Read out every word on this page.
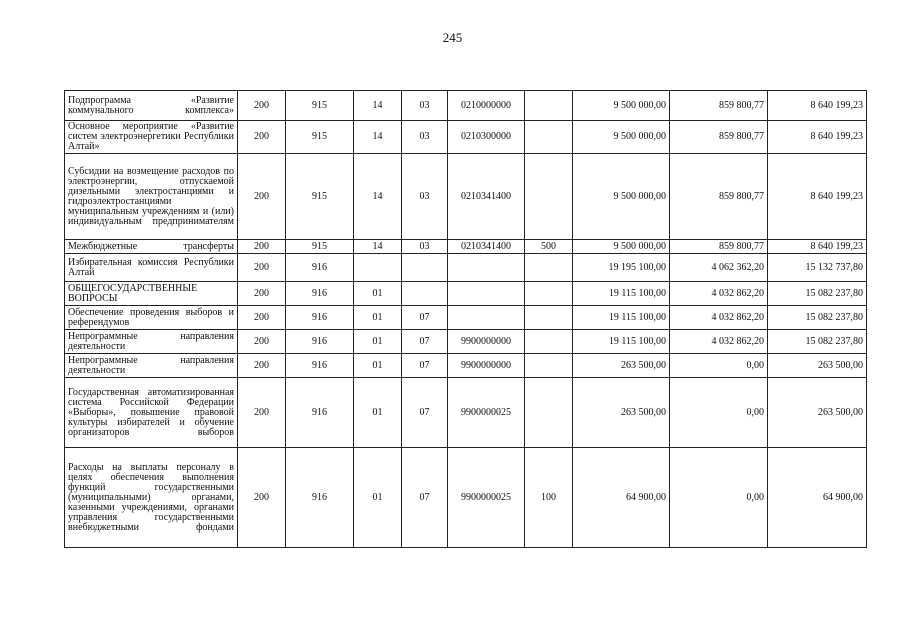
245
Подпрограмма «Развитие коммунального комплекса»	200	915	14	03	0210000000		9 500 000,00	859 800,77	8 640 199,23
Основное мероприятие «Развитие систем электроэнергетики Республики Алтай»	200	915	14	03	0210300000		9 500 000,00	859 800,77	8 640 199,23
Субсидии на возмещение расходов по электроэнергии, отпускаемой дизельными электростанциями и гидроэлектростанциями муниципальным учреждениям и (или) индивидуальным предпринимателям	200	915	14	03	0210341400		9 500 000,00	859 800,77	8 640 199,23
Межбюджетные трансферты	200	915	14	03	0210341400	500	9 500 000,00	859 800,77	8 640 199,23
Избирательная комиссия Республики Алтай	200	916					19 195 100,00	4 062 362,20	15 132 737,80
ОБЩЕГОСУДАРСТВЕННЫЕ ВОПРОСЫ	200	916	01				19 115 100,00	4 032 862,20	15 082 237,80
Обеспечение проведения выборов и референдумов	200	916	01	07			19 115 100,00	4 032 862,20	15 082 237,80
Непрограммные направления деятельности	200	916	01	07	9900000000		19 115 100,00	4 032 862,20	15 082 237,80
Непрограммные направления деятельности	200	916	01	07	9900000000		263 500,00	0,00	263 500,00
Государственная автоматизированная система Российской Федерации «Выборы», повышение правовой культуры избирателей и обучение организаторов выборов	200	916	01	07	9900000025		263 500,00	0,00	263 500,00
Расходы на выплаты персоналу в целях обеспечения выполнения функций государственными (муниципальными) органами, казенными учреждениями, органами управления государственными внебюджетными фондами	200	916	01	07	9900000025	100	64 900,00	0,00	64 900,00
